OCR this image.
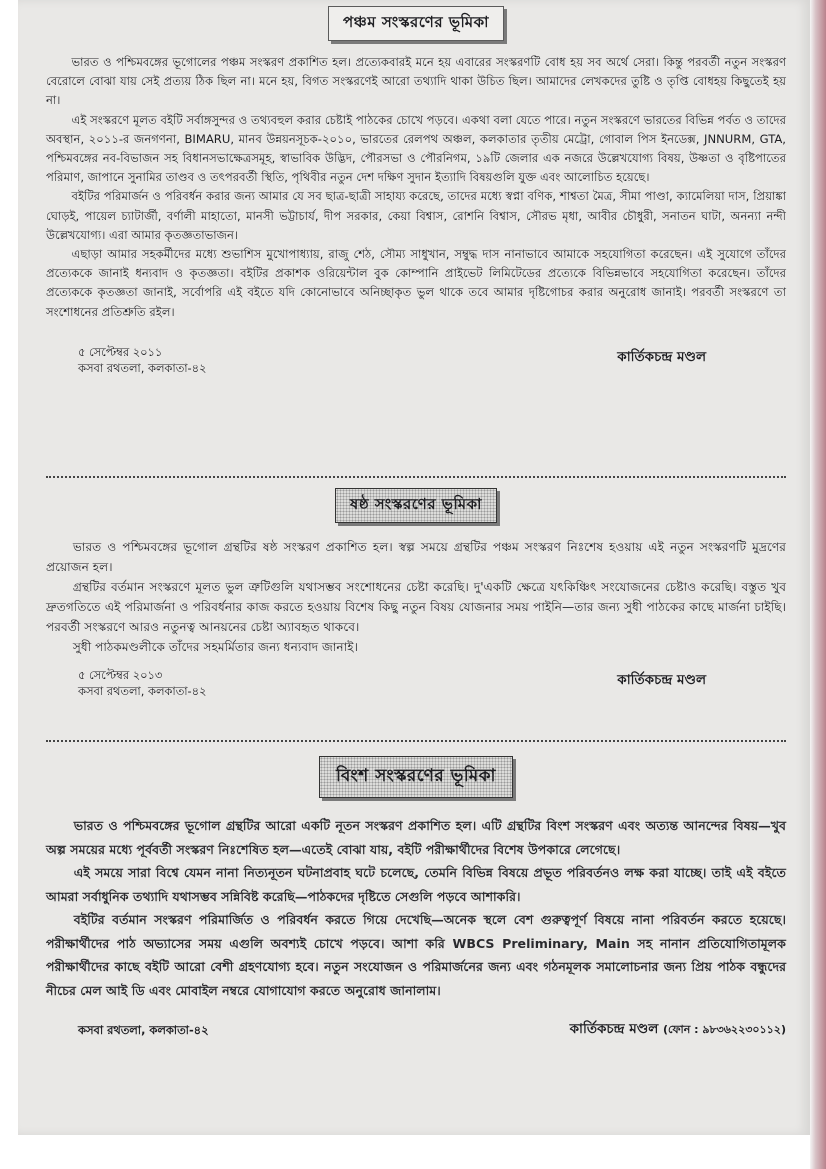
পঞ্চম সংস্করণের ভূমিকা

ভারত ও পশ্চিমবঙ্গের ভূগোলের পঞ্চম সংস্করণ প্রকাশিত হল। প্রত্যেকবারই মনে হয় এবারের সংস্করণটি বোধ হয় সব অর্থে সেরা। কিন্তু পরবর্তী নতুন সংস্করণ বেরোলে বোঝা যায় সেই প্রত্যয় ঠিক ছিল না। মনে হয়, বিগত সংস্করণেই আরো তথ্যাদি থাকা উচিত ছিল। আমাদের লেখকদের তুষ্টি ও তৃপ্তি বোধহয় কিছুতেই হয় না।

এই সংস্করণে মূলত বইটি সর্বাঙ্গসুন্দর ও তথ্যবহুল করার চেষ্টাই পাঠকের চোখে পড়বে। একথা বলা যেতে পারে। নতুন সংস্করণে ভারতের বিভিন্ন পর্বত ও তাদের অবস্থান, ২০১১-র জনগণনা, BIMARU, মানব উন্নয়নসূচক-২০১০, ভারতের রেলপথ অঞ্চল, কলকাতার তৃতীয় মেট্রো, গোবাল পিস ইনডেক্স, JNNURM, GTA, পশ্চিমবঙ্গের নব-বিভাজন সহ বিধানসভাক্ষেত্রসমূহ, স্বাভাবিক উদ্ভিদ, পৌরসভা ও পৌরনিগম, ১৯টি জেলার এক নজরে উল্লেখযোগ্য বিষয়, উষ্ণতা ও বৃষ্টিপাতের পরিমাণ, জাপানে সুনামির তাণ্ডব ও তৎপরবর্তী স্থিতি, পৃথিবীর নতুন দেশ দক্ষিণ সুদান ইত্যাদি বিষয়গুলি যুক্ত এবং আলোচিত হয়েছে।

বইটির পরিমার্জন ও পরিবর্ধন করার জন্য আমার যে সব ছাত্র-ছাত্রী সাহায্য করেছে, তাদের মধ্যে স্বপ্না বণিক, শাশ্বতা মৈত্র, সীমা পাণ্ডা, ক্যামেলিয়া দাস, প্রিয়াঙ্কা ঘোড়ই, পায়েল চ্যাটার্জী, বর্ণালী মাহাতো, মানসী ভট্টাচার্য, দীপ সরকার, কেয়া বিশ্বাস, রোশনি বিশ্বাস, সৌরভ মৃধা, আবীর চৌধুরী, সনাতন ঘাটা, অনন্যা নন্দী উল্লেখযোগ্য। এরা আমার কৃতজ্ঞতাভাজন।

এছাড়া আমার সহকর্মীদের মধ্যে শুভাশিস মুখোপাধ্যায়, রাজু শেঠ, সৌম্য সাধুখান, সম্বুদ্ধ দাস নানাভাবে আমাকে সহযোগিতা করেছেন। এই সুযোগে তাঁদের প্রত্যেককে জানাই ধন্যবাদ ও কৃতজ্ঞতা। বইটির প্রকাশক ওরিয়েন্টাল বুক কোম্পানি প্রাইভেট লিমিটেডের প্রত্যেকে বিভিন্নভাবে সহযোগিতা করেছেন। তাঁদের প্রত্যেককে কৃতজ্ঞতা জানাই, সর্বোপরি এই বইতে যদি কোনোভাবে অনিচ্ছাকৃত ভুল থাকে তবে আমার দৃষ্টিগোচর করার অনুরোধ জানাই। পরবর্তী সংস্করণে তা সংশোধনের প্রতিশ্রুতি রইল।

৫ সেপ্টেম্বর ২০১১
কসবা রথতলা, কলকাতা-৪২
কার্তিকচন্দ্র মণ্ডল
ষষ্ঠ সংস্করণের ভূমিকা

ভারত ও পশ্চিমবঙ্গের ভূগোল গ্রন্থটির ষষ্ঠ সংস্করণ প্রকাশিত হল। স্বল্প সময়ে গ্রন্থটির পঞ্চম সংস্করণ নিঃশেষ হওয়ায় এই নতুন সংস্করণটি মুদ্রণের প্রয়োজন হল।

গ্রন্থটির বর্তমান সংস্করণে মূলত ভুল ত্রুটিগুলি যথাসম্ভব সংশোধনের চেষ্টা করেছি। দু'একটি ক্ষেত্রে যৎকিঞ্চিৎ সংযোজনের চেষ্টাও করেছি। বস্তুত খুব দ্রুতগতিতে এই পরিমার্জনা ও পরিবর্ধনার কাজ করতে হওয়ায় বিশেষ কিছু নতুন বিষয় যোজনার সময় পাইনি—তার জন্য সুধী পাঠকের কাছে মার্জনা চাইছি। পরবর্তী সংস্করণে আরও নতুনত্ব আনয়নের চেষ্টা অ্যাবহৃত থাকবে।

সুধী পাঠকমণ্ডলীকে তাঁদের সহমর্মিতার জন্য ধন্যবাদ জানাই।

৫ সেপ্টেম্বর ২০১৩
কসবা রথতলা, কলকাতা-৪২
কার্তিকচন্দ্র মণ্ডল
বিংশ সংস্করণের ভূমিকা

ভারত ও পশ্চিমবঙ্গের ভূগোল গ্রন্থটির আরো একটি নূতন সংস্করণ প্রকাশিত হল। এটি গ্রন্থটির বিংশ সংস্করণ এবং অত্যন্ত আনন্দের বিষয়—খুব অল্প সময়ের মধ্যে পূর্ববর্তী সংস্করণ নিঃশেষিত হল—এতেই বোঝা যায়, বইটি পরীক্ষার্থীদের বিশেষ উপকারে লেগেছে।

এই সময়ে সারা বিশ্বে যেমন নানা নিত্যনূতন ঘটনাপ্রবাহ ঘটে চলেছে, তেমনি বিভিন্ন বিষয়ে প্রভূত পরিবর্তনও লক্ষ করা যাচ্ছে। তাই এই বইতে আমরা সর্বাধুনিক তথ্যাদি যথাসম্ভব সন্নিবিষ্ট করেছি—পাঠকদের দৃষ্টিতে সেগুলি পড়বে আশাকরি।

বইটির বর্তমান সংস্করণ পরিমার্জিত ও পরিবর্ধন করতে গিয়ে দেখেছি—অনেক স্থলে বেশ গুরুত্বপূর্ণ বিষয়ে নানা পরিবর্তন করতে হয়েছে। পরীক্ষার্থীদের পাঠ অভ্যাসের সময় এগুলি অবশ্যই চোখে পড়বে। আশা করি WBCS Preliminary, Main সহ নানান প্রতিযোগিতামূলক পরীক্ষার্থীদের কাছে বইটি আরো বেশী গ্রহণযোগ্য হবে। নতুন সংযোজন ও পরিমার্জনের জন্য এবং গঠনমূলক সমালোচনার জন্য প্রিয় পাঠক বন্ধুদের নীচের মেল আই ডি এবং মোবাইল নম্বরে যোগাযোগ করতে অনুরোধ জানালাম।

কসবা রথতলা, কলকাতা-৪২	কার্তিকচন্দ্র মণ্ডল (ফোন : ৯৮৩৬২২৩০১১২)
